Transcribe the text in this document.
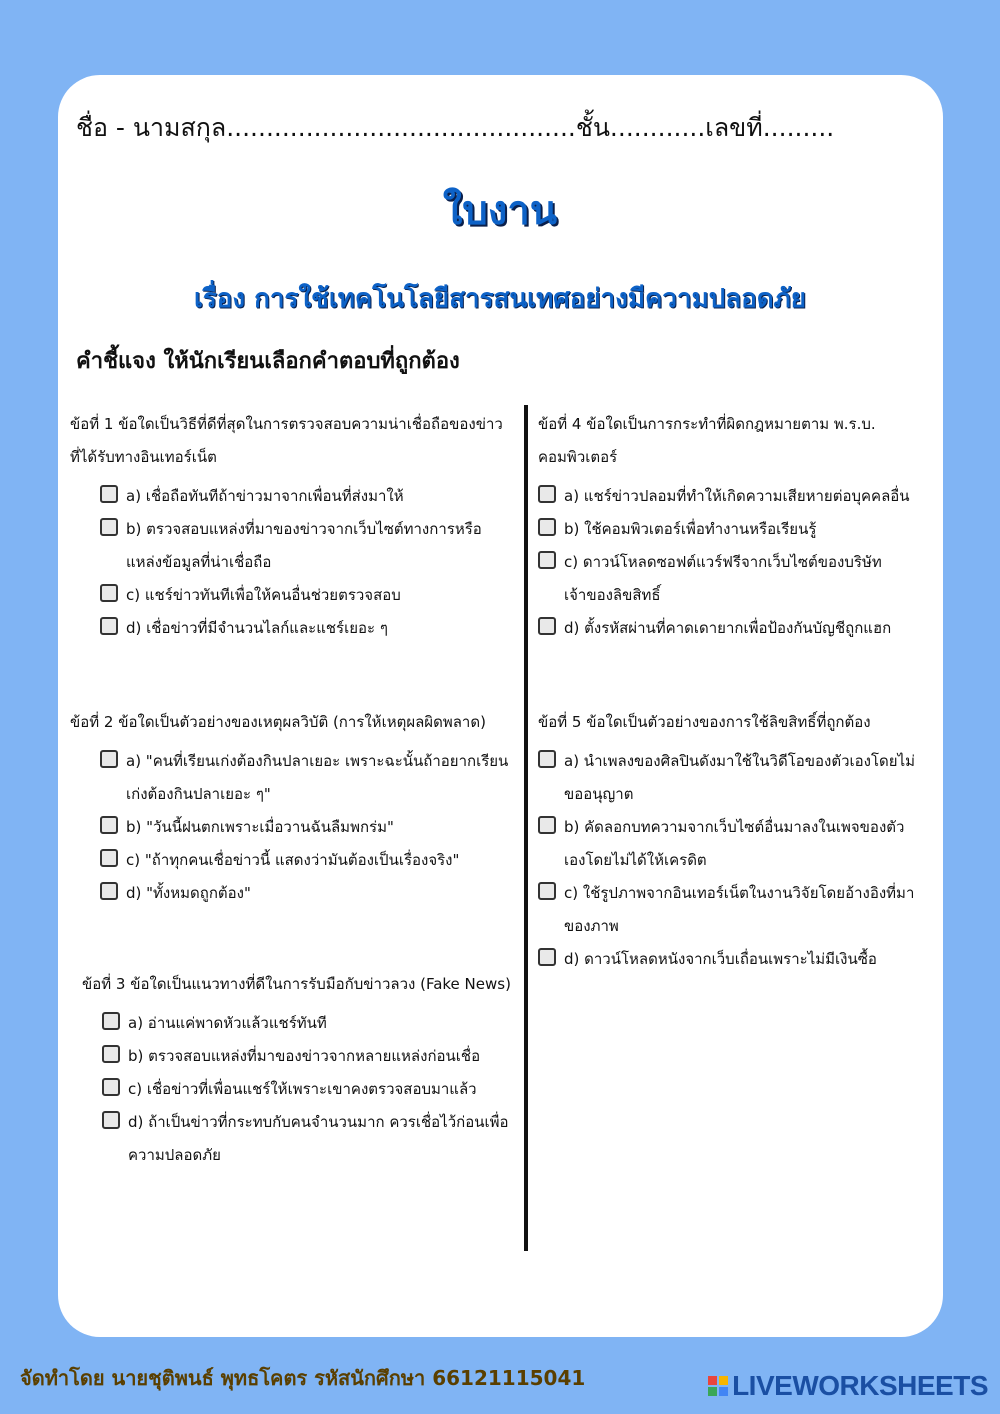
ชื่อ - นามสกุล............................................ชั้น............เลขที่.........
ใบงาน
เรื่อง การใช้เทคโนโลยีสารสนเทศอย่างมีความปลอดภัย
คำชี้แจง ให้นักเรียนเลือกคำตอบที่ถูกต้อง

ข้อที่ 1 ข้อใดเป็นวิธีที่ดีที่สุดในการตรวจสอบความน่าเชื่อถือของข่าวที่ได้รับทางอินเทอร์เน็ต

a) เชื่อถือทันทีถ้าข่าวมาจากเพื่อนที่ส่งมาให้
b) ตรวจสอบแหล่งที่มาของข่าวจากเว็บไซต์ทางการหรือแหล่งข้อมูลที่น่าเชื่อถือ
c) แชร์ข่าวทันทีเพื่อให้คนอื่นช่วยตรวจสอบ
d) เชื่อข่าวที่มีจำนวนไลก์และแชร์เยอะ ๆ

ข้อที่ 2 ข้อใดเป็นตัวอย่างของเหตุผลวิบัติ (การให้เหตุผลผิดพลาด)

a) "คนที่เรียนเก่งต้องกินปลาเยอะ เพราะฉะนั้นถ้าอยากเรียนเก่งต้องกินปลาเยอะ ๆ"
b) "วันนี้ฝนตกเพราะเมื่อวานฉันลืมพกร่ม"
c) "ถ้าทุกคนเชื่อข่าวนี้ แสดงว่ามันต้องเป็นเรื่องจริง"
d) "ทั้งหมดถูกต้อง"

ข้อที่ 3 ข้อใดเป็นแนวทางที่ดีในการรับมือกับข่าวลวง (Fake News)

a) อ่านแค่พาดหัวแล้วแชร์ทันที
b) ตรวจสอบแหล่งที่มาของข่าวจากหลายแหล่งก่อนเชื่อ
c) เชื่อข่าวที่เพื่อนแชร์ให้เพราะเขาคงตรวจสอบมาแล้ว
d) ถ้าเป็นข่าวที่กระทบกับคนจำนวนมาก ควรเชื่อไว้ก่อนเพื่อความปลอดภัย

ข้อที่ 4 ข้อใดเป็นการกระทำที่ผิดกฎหมายตาม พ.ร.บ. คอมพิวเตอร์

a) แชร์ข่าวปลอมที่ทำให้เกิดความเสียหายต่อบุคคลอื่น
b) ใช้คอมพิวเตอร์เพื่อทำงานหรือเรียนรู้
c) ดาวน์โหลดซอฟต์แวร์ฟรีจากเว็บไซต์ของบริษัทเจ้าของลิขสิทธิ์
d) ตั้งรหัสผ่านที่คาดเดายากเพื่อป้องกันบัญชีถูกแฮก

ข้อที่ 5 ข้อใดเป็นตัวอย่างของการใช้ลิขสิทธิ์ที่ถูกต้อง

a) นำเพลงของศิลปินดังมาใช้ในวิดีโอของตัวเองโดยไม่ขออนุญาต
b) คัดลอกบทความจากเว็บไซต์อื่นมาลงในเพจของตัวเองโดยไม่ได้ให้เครดิต
c) ใช้รูปภาพจากอินเทอร์เน็ตในงานวิจัยโดยอ้างอิงที่มาของภาพ
d) ดาวน์โหลดหนังจากเว็บเถื่อนเพราะไม่มีเงินซื้อ
จัดทำโดย นายชุติพนธ์ พุทธโคตร รหัสนักศึกษา 66121115041	LIVEWORKSHEETS
